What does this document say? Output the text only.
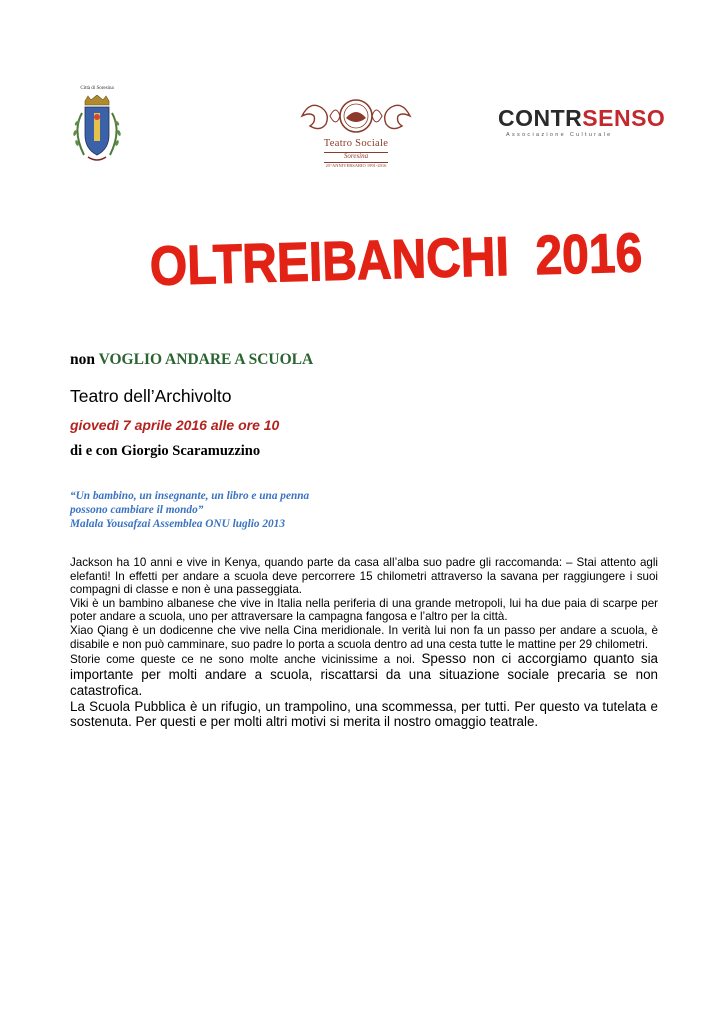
Città di Soresina
Teatro Sociale
Soresina
25°ANNIVERSARIO 1991-2016
CONTRSENSO
Associazione Culturale
OLTREIBANCHI  2016
non VOGLIO ANDARE A SCUOLA
Teatro dell’Archivolto
giovedì 7 aprile 2016 alle ore 10
di e con Giorgio Scaramuzzino
“Un bambino, un insegnante, un libro e una penna
possono cambiare il mondo”
Malala Yousafzai Assemblea ONU luglio 2013

Jackson ha 10 anni e vive in Kenya, quando parte da casa all’alba suo padre gli raccomanda: – Stai attento agli elefanti! In effetti per andare a scuola deve percorrere 15 chilometri attraverso la savana per raggiungere i suoi compagni di classe e non è una passeggiata.

Viki è un bambino albanese che vive in Italia nella periferia di una grande metropoli, lui ha due paia di scarpe per poter andare a scuola, uno per attraversare la campagna fangosa e l’altro per la città.

Xiao Qiang è un dodicenne che vive nella Cina meridionale. In verità lui non fa un passo per andare a scuola, è disabile e non può camminare, suo padre lo porta a scuola dentro ad una cesta tutte le mattine per 29 chilometri.

Storie come queste ce ne sono molte anche vicinissime a noi. Spesso non ci accorgiamo quanto sia importante per molti andare a scuola, riscattarsi da una situazione sociale precaria se non catastrofica.

La Scuola Pubblica è un rifugio, un trampolino, una scommessa, per tutti. Per questo va tutelata e sostenuta. Per questi e per molti altri motivi si merita il nostro omaggio teatrale.
